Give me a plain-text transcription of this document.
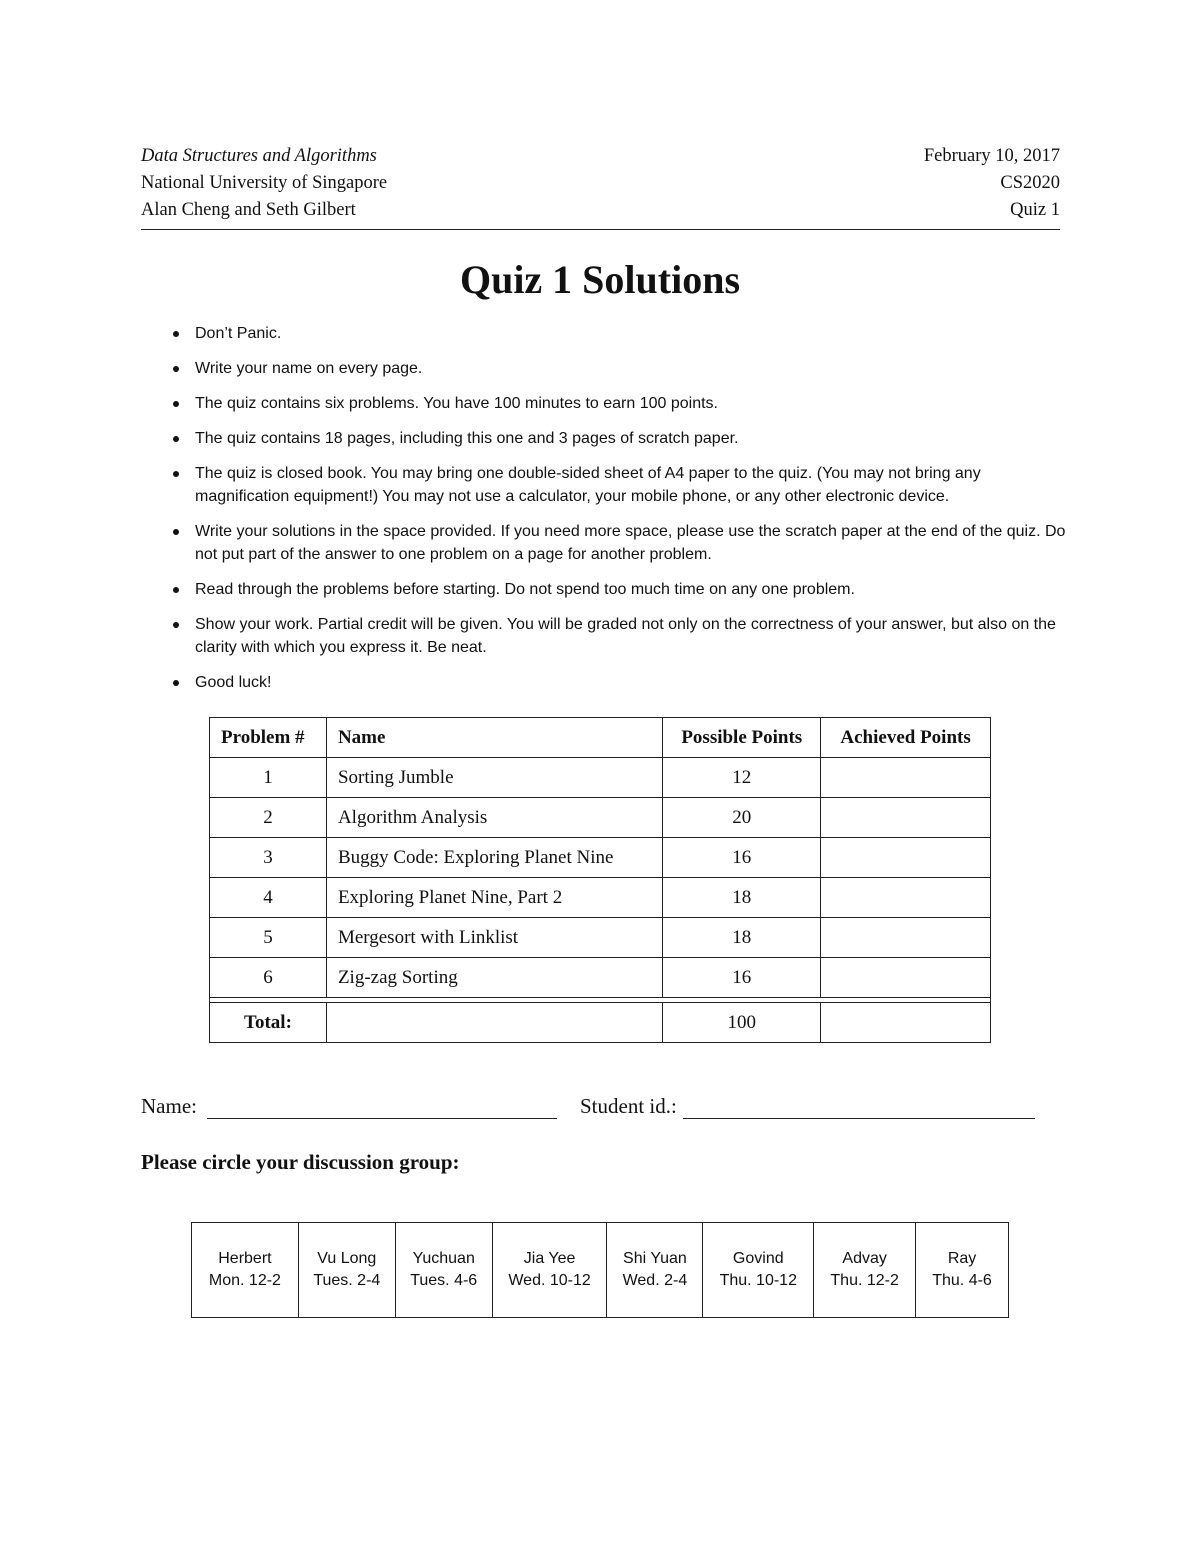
Data Structures and Algorithms	February 10, 2017
National University of Singapore	CS2020
Alan Cheng and Seth Gilbert	Quiz 1
Quiz 1 Solutions
Don’t Panic.
Write your name on every page.
The quiz contains six problems. You have 100 minutes to earn 100 points.
The quiz contains 18 pages, including this one and 3 pages of scratch paper.
The quiz is closed book. You may bring one double-sided sheet of A4 paper to the quiz. (You may not bring any magnification equipment!) You may not use a calculator, your mobile phone, or any other electronic device.
Write your solutions in the space provided. If you need more space, please use the scratch paper at the end of the quiz. Do not put part of the answer to one problem on a page for another problem.
Read through the problems before starting. Do not spend too much time on any one problem.
Show your work. Partial credit will be given. You will be graded not only on the correctness of your answer, but also on the clarity with which you express it. Be neat.
Good luck!
Problem #	Name	Possible Points	Achieved Points
1	Sorting Jumble	12	
2	Algorithm Analysis	20	
3	Buggy Code: Exploring Planet Nine	16	
4	Exploring Planet Nine, Part 2	18	
5	Mergesort with Linklist	18	
6	Zig-zag Sorting	16	

Total:		100	
Name:	Student id.:
Please circle your discussion group:
Herbert
Mon. 12-2	Vu Long
Tues. 2-4	Yuchuan
Tues. 4-6	Jia Yee
Wed. 10-12	Shi Yuan
Wed. 2-4	Govind
Thu. 10-12	Advay
Thu. 12-2	Ray
Thu. 4-6
